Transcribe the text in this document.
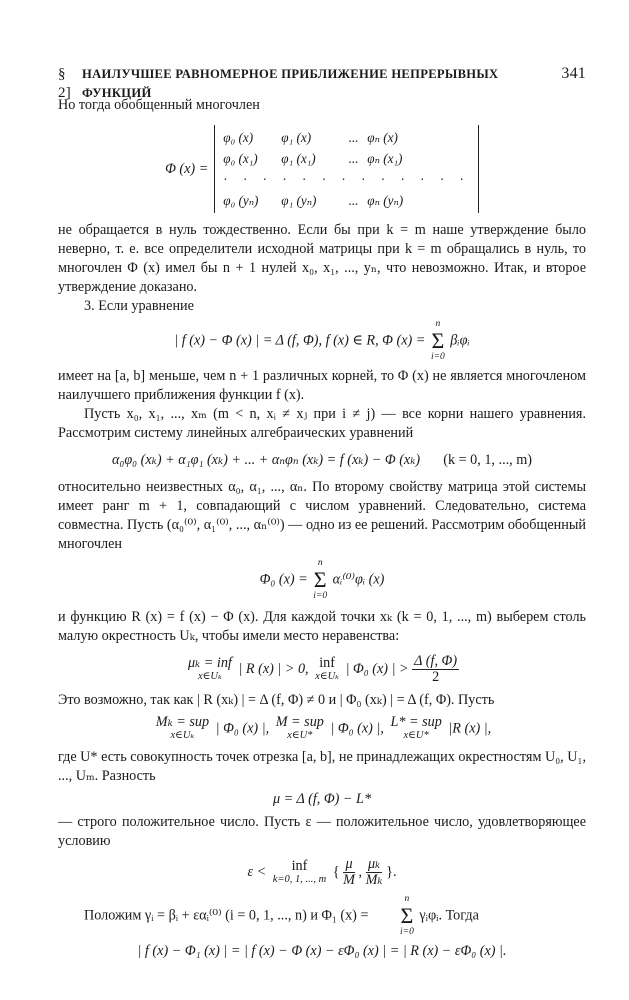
§ 2]
НАИЛУЧШЕЕ РАВНОМЕРНОЕ ПРИБЛИЖЕНИЕ НЕПРЕРЫВНЫХ ФУНКЦИЙ
341

Но тогда обобщенный многочлен

Φ (x) =
φ₀ (x) φ₁ (x)	... φₙ (x)
φ₀ (x₁) φ₁ (x₁) ... φₙ (x₁)
· · · · · · · · · · · · ·
φ₀ (yₙ) φ₁ (yₙ) ... φₙ (yₙ)

не обращается в нуль тождественно. Если бы при k = m наше утверждение было неверно, т. е. все определители исходной матрицы при k = m обращались в нуль, то многочлен Φ (x) имел бы n + 1 нулей x₀, x₁, ..., yₙ, что невозможно. Итак, и второе утверждение доказано.

3. Если уравнение

| f (x) − Φ (x) | = Δ (f, Φ), f (x) ∈ R, Φ (x) =
n
Σ
i=0
βᵢφᵢ

имеет на [a, b] меньше, чем n + 1 различных корней, то Φ (x) не является многочленом наилучшего приближения функции f (x).

Пусть x₀, x₁, ..., xₘ (m < n, xᵢ ≠ xⱼ при i ≠ j) — все корни нашего уравнения. Рассмотрим систему линейных алгебраических уравнений

α₀φ₀ (xₖ) + α₁φ₁ (xₖ) + ... + αₙφₙ (xₖ) = f (xₖ) − Φ (xₖ) (k = 0, 1, ..., m)

относительно неизвестных α₀, α₁, ..., αₙ. По второму свойству матрица этой системы имеет ранг m + 1, совпадающий с числом уравнений. Следовательно, система совместна. Пусть (α₀⁽⁰⁾, α₁⁽⁰⁾, ..., αₙ⁽⁰⁾) — одно из ее решений. Рассмотрим обобщенный многочлен

Φ₀ (x) =
n
Σ
i=0
αᵢ⁽⁰⁾φᵢ (x)

и функцию R (x) = f (x) − Φ (x). Для каждой точки xₖ (k = 0, 1, ..., m) выберем столь малую окрестность Uₖ, чтобы имели место неравенства:

μₖ = inf
x∈Uₖ | R (x) | > 0, inf
x∈Uₖ | Φ₀ (x) | > $\frac{\Delta (f, \Phi)}{2}$

Это возможно, так как | R (xₖ) | = Δ (f, Φ) ≠ 0 и | Φ₀ (xₖ) | = Δ (f, Φ). Пусть

Mₖ = sup
x∈Uₖ | Φ₀ (x) |, M = sup
x∈U* | Φ₀ (x) |, L* = sup
x∈U* |R (x) |,

где U* есть совокупность точек отрезка [a, b], не принадлежащих окрестностям U₀, U₁, ..., Uₘ. Разность

μ = Δ (f, Φ) − L*

— строго положительное число. Пусть ε — положительное число, удовлетворяющее условию

ε < inf
k=0, 1, ..., m { $\frac{\mu}{M}$ , $\frac{\text{μₖ}}{\text{Mₖ}}$ }.

Положим γᵢ = βᵢ + εαᵢ⁽⁰⁾ (i = 0, 1, ..., n) и Φ₁ (x) =
n
Σ
i=0
γᵢφᵢ. Тогда

| f (x) − Φ₁ (x) | = | f (x) − Φ (x) − εΦ₀ (x) | = | R (x) − εΦ₀ (x) |.
